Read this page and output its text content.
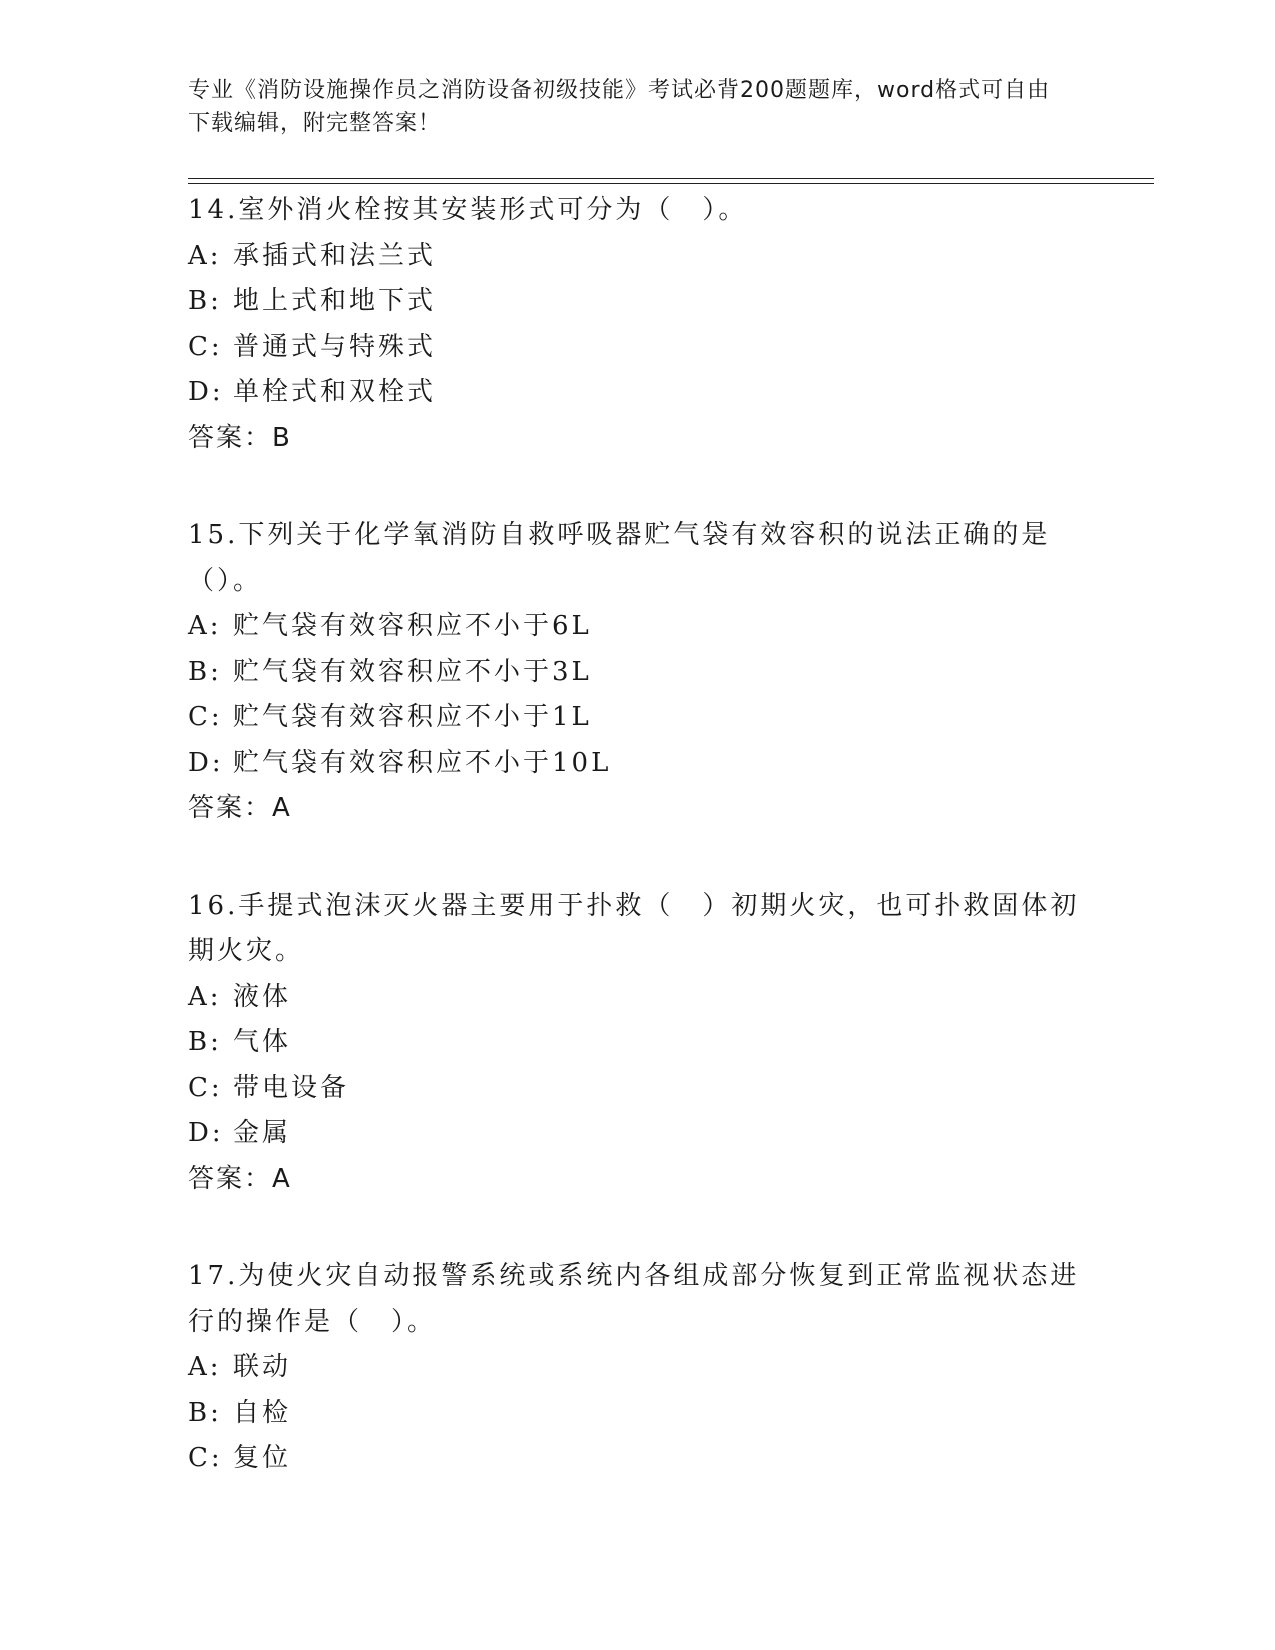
专业《消防设施操作员之消防设备初级技能》考试必背200题题库，word格式可自由下载编辑，附完整答案！
14.室外消火栓按其安装形式可分为（　）。
A: 承插式和法兰式
B: 地上式和地下式
C: 普通式与特殊式
D: 单栓式和双栓式
答案：B
15.下列关于化学氧消防自救呼吸器贮气袋有效容积的说法正确的是（）。
A: 贮气袋有效容积应不小于6L
B: 贮气袋有效容积应不小于3L
C: 贮气袋有效容积应不小于1L
D: 贮气袋有效容积应不小于10L
答案：A
16.手提式泡沫灭火器主要用于扑救（　）初期火灾，也可扑救固体初期火灾。
A: 液体
B: 气体
C: 带电设备
D: 金属
答案：A
17.为使火灾自动报警系统或系统内各组成部分恢复到正常监视状态进行的操作是（　）。
A: 联动
B: 自检
C: 复位
